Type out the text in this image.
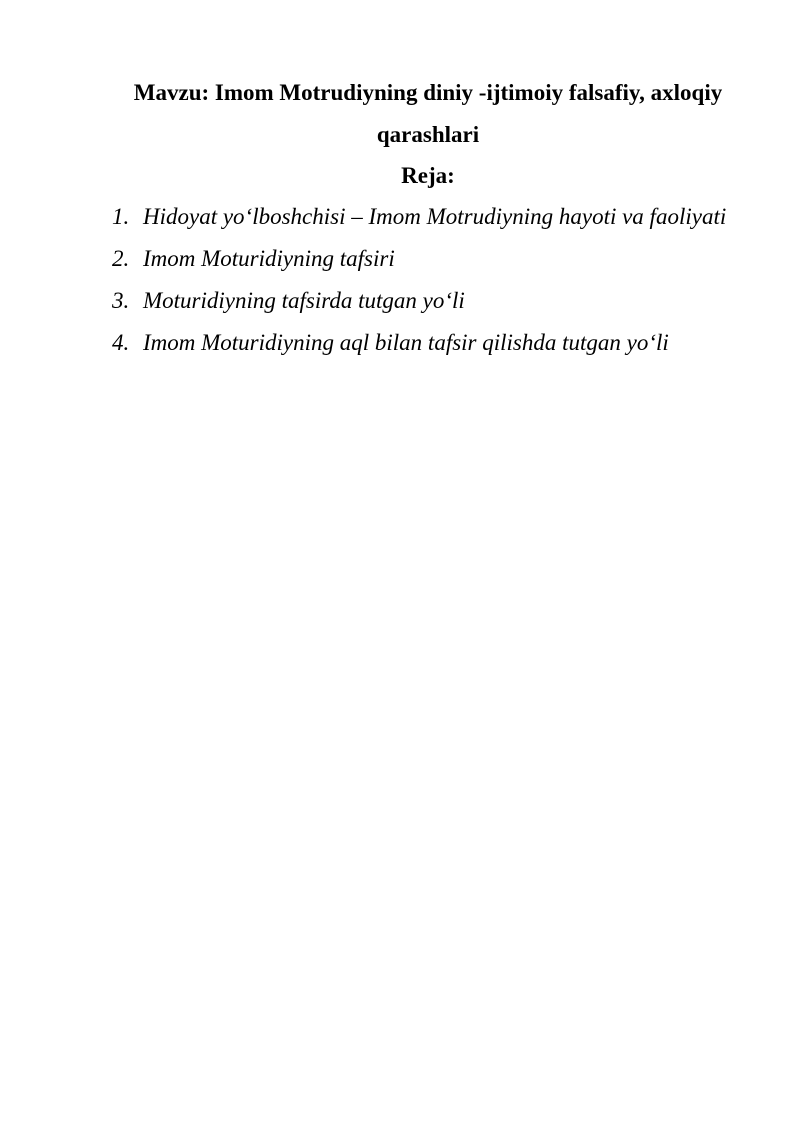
Mavzu: Imom Motrudiyning diniy -ijtimoiy falsafiy, axloqiy qarashlari
Reja:
1. Hidoyat yo‘lboshchisi – Imom Motrudiyning hayoti va faoliyati
2. Imom Moturidiyning tafsiri
3. Moturidiyning tafsirda tutgan yo‘li
4. Imom Moturidiyning aql bilan tafsir qilishda tutgan yo‘li
